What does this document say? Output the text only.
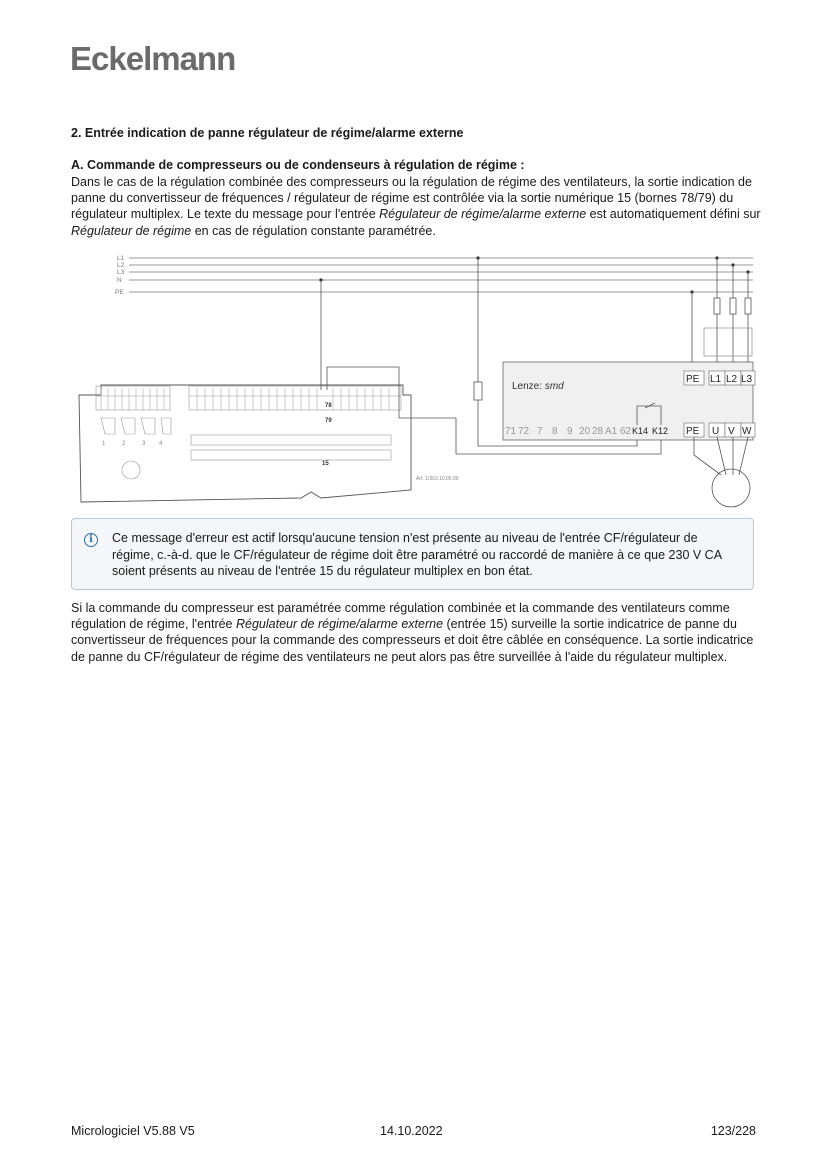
Eckelmann
2. Entrée indication de panne régulateur de régime/alarme externe
A. Commande de compresseurs ou de condenseurs à régulation de régime :
Dans le cas de la régulation combinée des compresseurs ou la régulation de régime des ventilateurs, la sortie indication de panne du convertisseur de fréquences / régulateur de régime est contrôlée via la sortie numérique 15 (bornes 78/79) du régulateur multiplex. Le texte du message pour l'entrée Régulateur de régime/alarme externe est automatiquement défini sur Régulateur de régime en cas de régulation constante paramétrée.
L1
L2
L3
N
PE
1	2	3 4
78
79
15
Art. 1/363.10.05.09
Lenze: smd
PE L1 L2 L3
71 72 7 8 9 20 28 A1 62 K14 K12 PE U V W
i	Ce message d'erreur est actif lorsqu'aucune tension n'est présente au niveau de l'entrée CF/régulateur de régime, c.-à-d. que le CF/régulateur de régime doit être paramétré ou raccordé de manière à ce que 230 V CA soient présents au niveau de l'entrée 15 du régulateur multiplex en bon état.
Si la commande du compresseur est paramétrée comme régulation combinée et la commande des ventilateurs comme régulation de régime, l'entrée Régulateur de régime/alarme externe (entrée 15) surveille la sortie indicatrice de panne du convertisseur de fréquences pour la commande des compresseurs et doit être câblée en conséquence. La sortie indicatrice de panne du CF/régulateur de régime des ventilateurs ne peut alors pas être surveillée à l'aide du régulateur multiplex.
Micrologiciel V5.88 V5	14.10.2022	123/228
